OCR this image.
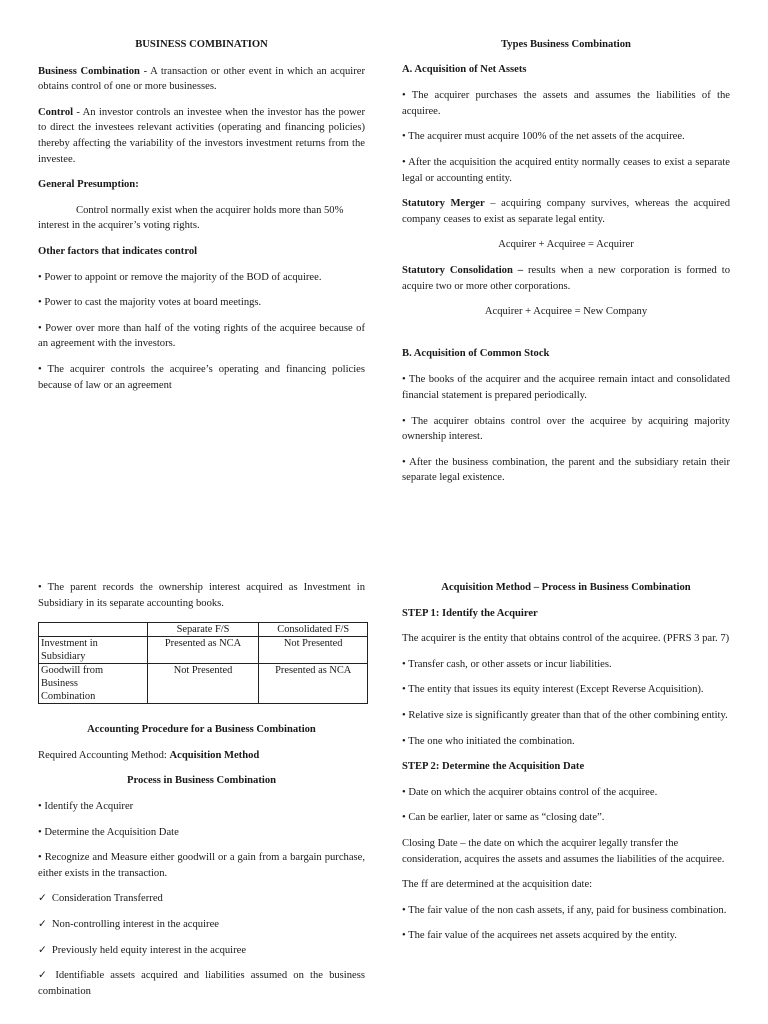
BUSINESS COMBINATION

Business Combination - A transaction or other event in which an acquirer obtains control of one or more businesses.

Control - An investor controls an investee when the investor has the power to direct the investees relevant activities (operating and financing policies) thereby affecting the variability of the investors investment returns from the investee.

General Presumption:

Control normally exist when the acquirer holds more than 50% interest in the acquirer’s voting rights.

Other factors that indicates control

• Power to appoint or remove the majority of the BOD of acquiree.

• Power to cast the majority votes at board meetings.

• Power over more than half of the voting rights of the acquiree because of an agreement with the investors.

• The acquirer controls the acquiree’s operating and financing policies because of law or an agreement

Types Business Combination

A. Acquisition of Net Assets

• The acquirer purchases the assets and assumes the liabilities of the acquiree.

• The acquirer must acquire 100% of the net assets of the acquiree.

• After the acquisition the acquired entity normally ceases to exist a separate legal or accounting entity.

Statutory Merger – acquiring company survives, whereas the acquired company ceases to exist as separate legal entity.

Acquirer + Acquiree = Acquirer

Statutory Consolidation – results when a new corporation is formed to acquire two or more other corporations.

Acquirer + Acquiree = New Company

B. Acquisition of Common Stock

• The books of the acquirer and the acquiree remain intact and consolidated financial statement is prepared periodically.

• The acquirer obtains control over the acquiree by acquiring majority ownership interest.

• After the business combination, the parent and the subsidiary retain their separate legal existence.

• The parent records the ownership interest acquired as Investment in Subsidiary in its separate accounting books.

	Separate F/S	Consolidated F/S
Investment in Subsidiary	Presented as NCA	Not Presented
Goodwill from Business Combination	Not Presented	Presented as NCA

Accounting Procedure for a Business Combination

Required Accounting Method: Acquisition Method

Process in Business Combination

• Identify the Acquirer

• Determine the Acquisition Date

• Recognize and Measure either goodwill or a gain from a bargain purchase, either exists in the transaction.

✓ Consideration Transferred

✓ Non-controlling interest in the acquiree

✓ Previously held equity interest in the acquiree

✓ Identifiable assets acquired and liabilities assumed on the business combination

Acquisition Method – Process in Business Combination

STEP 1: Identify the Acquirer

The acquirer is the entity that obtains control of the acquiree. (PFRS 3 par. 7)

• Transfer cash, or other assets or incur liabilities.

• The entity that issues its equity interest (Except Reverse Acquisition).

• Relative size is significantly greater than that of the other combining entity.

• The one who initiated the combination.

STEP 2: Determine the Acquisition Date

• Date on which the acquirer obtains control of the acquiree.

• Can be earlier, later or same as “closing date”.

Closing Date – the date on which the acquirer legally transfer the consideration, acquires the assets and assumes the liabilities of the acquiree.

The ff are determined at the acquisition date:

• The fair value of the non cash assets, if any, paid for business combination.

• The fair value of the acquirees net assets acquired by the entity.
